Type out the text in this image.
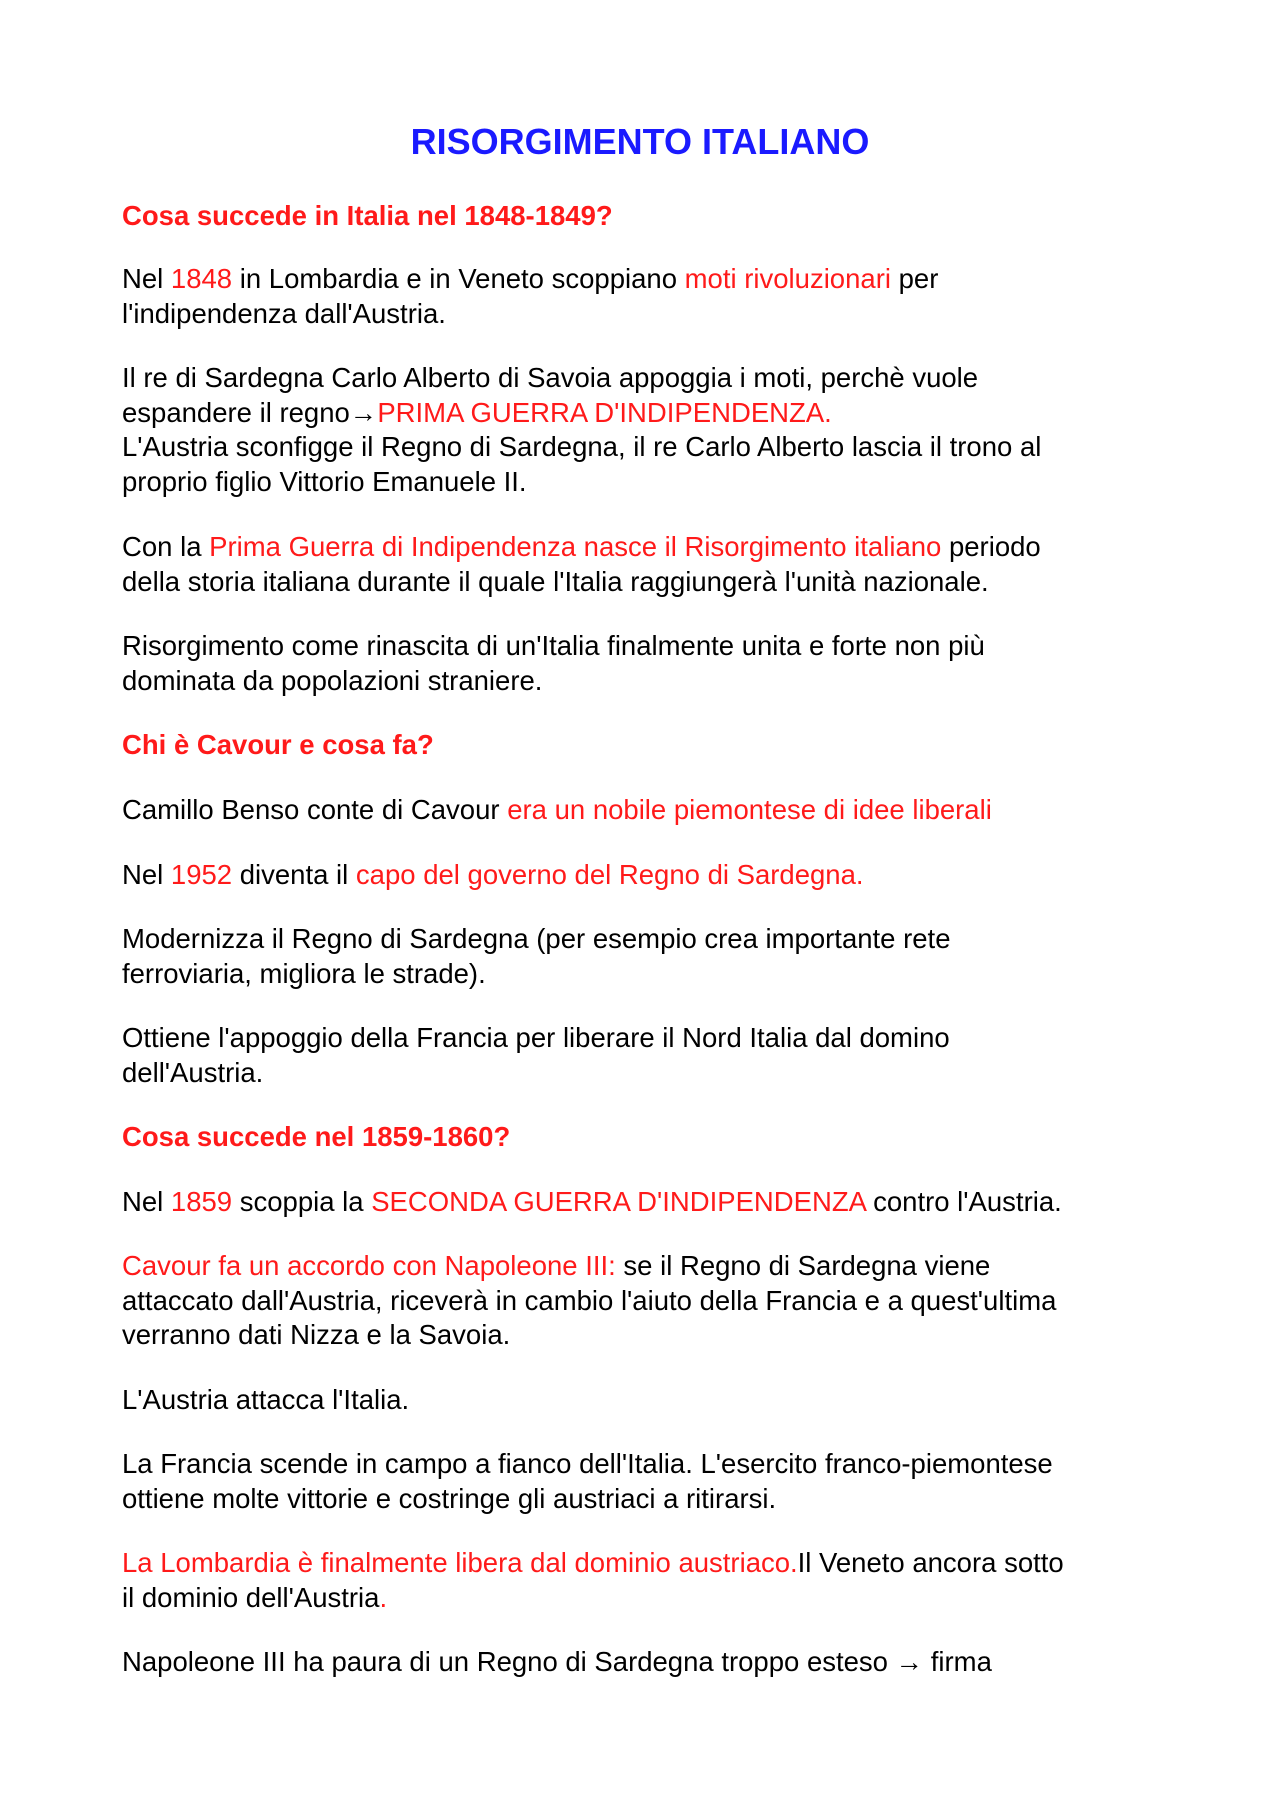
RISORGIMENTO ITALIANO
Cosa succede in Italia nel 1848-1849?
Nel 1848 in Lombardia e in Veneto scoppiano moti rivoluzionari per
l'indipendenza dall'Austria.
Il re di Sardegna Carlo Alberto di Savoia appoggia i moti, perchè vuole
espandere il regno→PRIMA GUERRA D'INDIPENDENZA.
L'Austria sconfigge il Regno di Sardegna, il re Carlo Alberto lascia il trono al
proprio figlio Vittorio Emanuele II.
Con la Prima Guerra di Indipendenza nasce il Risorgimento italiano periodo
della storia italiana durante il quale l'Italia raggiungerà l'unità nazionale.
Risorgimento come rinascita di un'Italia finalmente unita e forte non più
dominata da popolazioni straniere.
Chi è Cavour e cosa fa?
Camillo Benso conte di Cavour era un nobile piemontese di idee liberali
Nel 1952 diventa il capo del governo del Regno di Sardegna.
Modernizza il Regno di Sardegna (per esempio crea importante rete
ferroviaria, migliora le strade).
Ottiene l'appoggio della Francia per liberare il Nord Italia dal domino
dell'Austria.
Cosa succede nel 1859-1860?
Nel 1859 scoppia la SECONDA GUERRA D'INDIPENDENZA contro l'Austria.
Cavour fa un accordo con Napoleone III: se il Regno di Sardegna viene
attaccato dall'Austria, riceverà in cambio l'aiuto della Francia e a quest'ultima
verranno dati Nizza e la Savoia.
L'Austria attacca l'Italia.
La Francia scende in campo a fianco dell'Italia. L'esercito franco-piemontese
ottiene molte vittorie e costringe gli austriaci a ritirarsi.
La Lombardia è finalmente libera dal dominio austriaco.Il Veneto ancora sotto
il dominio dell'Austria.
Napoleone III ha paura di un Regno di Sardegna troppo esteso → firma
